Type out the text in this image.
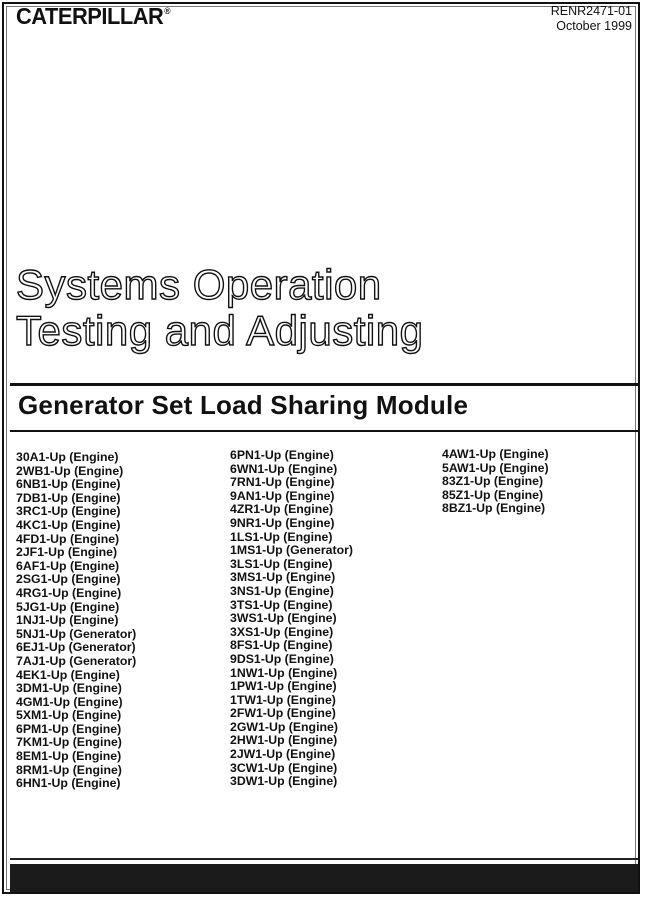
CATERPILLAR®	RENR2471-01
October 1999
Systems Operation
Testing and Adjusting
Generator Set Load Sharing Module
30A1-Up (Engine)
2WB1-Up (Engine)
6NB1-Up (Engine)
7DB1-Up (Engine)
3RC1-Up (Engine)
4KC1-Up (Engine)
4FD1-Up (Engine)
2JF1-Up (Engine)
6AF1-Up (Engine)
2SG1-Up (Engine)
4RG1-Up (Engine)
5JG1-Up (Engine)
1NJ1-Up (Engine)
5NJ1-Up (Generator)
6EJ1-Up (Generator)
7AJ1-Up (Generator)
4EK1-Up (Engine)
3DM1-Up (Engine)
4GM1-Up (Engine)
5XM1-Up (Engine)
6PM1-Up (Engine)
7KM1-Up (Engine)
8EM1-Up (Engine)
8RM1-Up (Engine)
6HN1-Up (Engine)
6PN1-Up (Engine)
6WN1-Up (Engine)
7RN1-Up (Engine)
9AN1-Up (Engine)
4ZR1-Up (Engine)
9NR1-Up (Engine)
1LS1-Up (Engine)
1MS1-Up (Generator)
3LS1-Up (Engine)
3MS1-Up (Engine)
3NS1-Up (Engine)
3TS1-Up (Engine)
3WS1-Up (Engine)
3XS1-Up (Engine)
8FS1-Up (Engine)
9DS1-Up (Engine)
1NW1-Up (Engine)
1PW1-Up (Engine)
1TW1-Up (Engine)
2FW1-Up (Engine)
2GW1-Up (Engine)
2HW1-Up (Engine)
2JW1-Up (Engine)
3CW1-Up (Engine)
3DW1-Up (Engine)
4AW1-Up (Engine)
5AW1-Up (Engine)
83Z1-Up (Engine)
85Z1-Up (Engine)
8BZ1-Up (Engine)
